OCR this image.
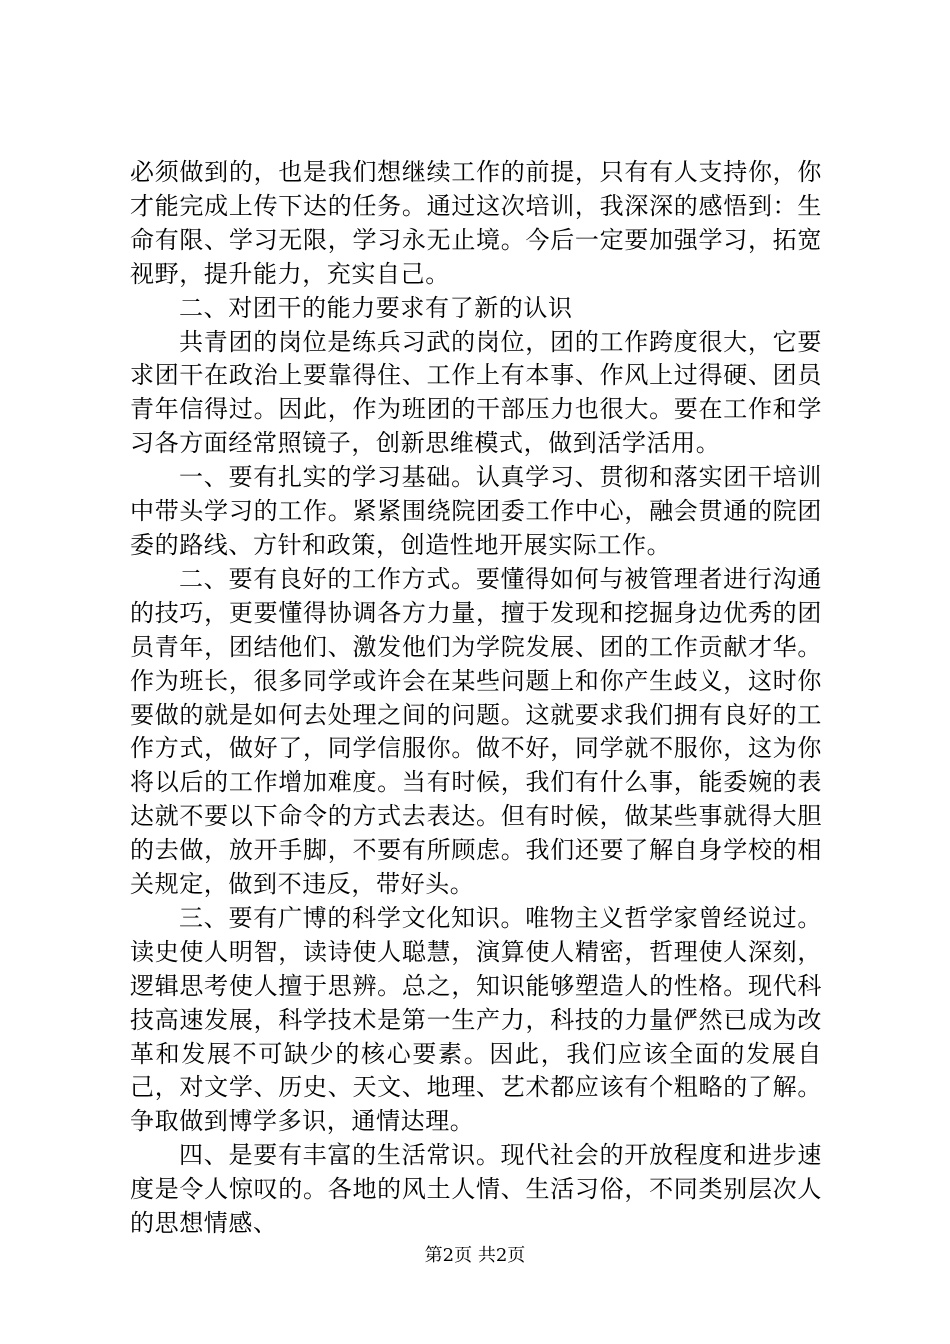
必须做到的，也是我们想继续工作的前提，只有有人支持你，你才能完成上传下达的任务。通过这次培训，我深深的感悟到：生命有限、学习无限，学习永无止境。今后一定要加强学习，拓宽视野，提升能力，充实自己。

二、对团干的能力要求有了新的认识

共青团的岗位是练兵习武的岗位，团的工作跨度很大，它要求团干在政治上要靠得住、工作上有本事、作风上过得硬、团员青年信得过。因此，作为班团的干部压力也很大。要在工作和学习各方面经常照镜子，创新思维模式，做到活学活用。

一、要有扎实的学习基础。认真学习、贯彻和落实团干培训中带头学习的工作。紧紧围绕院团委工作中心，融会贯通的院团委的路线、方针和政策，创造性地开展实际工作。

二、要有良好的工作方式。要懂得如何与被管理者进行沟通的技巧，更要懂得协调各方力量，擅于发现和挖掘身边优秀的团员青年，团结他们、激发他们为学院发展、团的工作贡献才华。作为班长，很多同学或许会在某些问题上和你产生歧义，这时你要做的就是如何去处理之间的问题。这就要求我们拥有良好的工作方式，做好了，同学信服你。做不好，同学就不服你，这为你将以后的工作增加难度。当有时候，我们有什么事，能委婉的表达就不要以下命令的方式去表达。但有时候，做某些事就得大胆的去做，放开手脚，不要有所顾虑。我们还要了解自身学校的相关规定，做到不违反，带好头。

三、要有广博的科学文化知识。唯物主义哲学家曾经说过。读史使人明智，读诗使人聪慧，演算使人精密，哲理使人深刻，逻辑思考使人擅于思辨。总之，知识能够塑造人的性格。现代科技高速发展，科学技术是第一生产力，科技的力量俨然已成为改革和发展不可缺少的核心要素。因此，我们应该全面的发展自己，对文学、历史、天文、地理、艺术都应该有个粗略的了解。争取做到博学多识，通情达理。

四、是要有丰富的生活常识。现代社会的开放程度和进步速度是令人惊叹的。各地的风土人情、生活习俗，不同类别层次人的思想情感、

第2页 共2页
